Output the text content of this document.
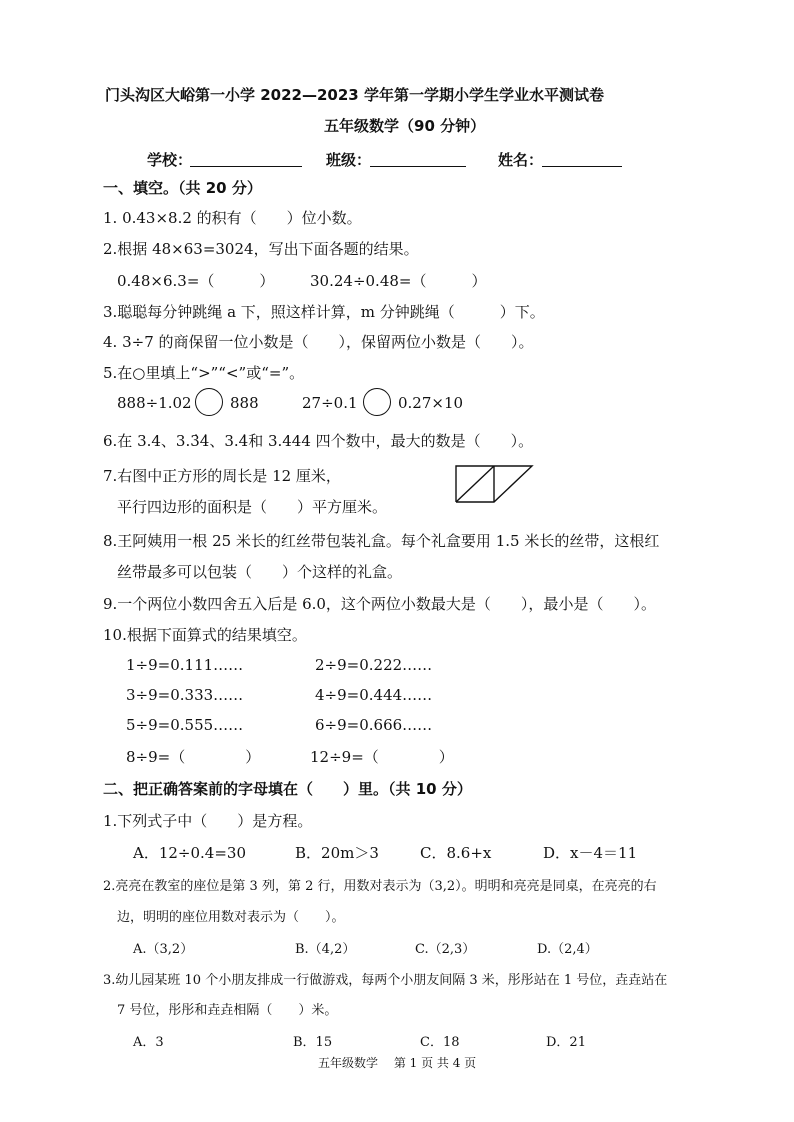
门头沟区大峪第一小学 2022—2023 学年第一学期小学生学业水平测试卷
五年级数学（90 分钟）
学校：	班级：	姓名：
一、填空。（共 20 分）
1. 0.43×8.2 的积有（　　）位小数。
2.根据 48×63=3024，写出下面各题的结果。
0.48×6.3=（　　　） 30.24÷0.48=（　　　）
3.聪聪每分钟跳绳 a 下，照这样计算，m 分钟跳绳（　　　）下。
4. 3÷7 的商保留一位小数是（　　），保留两位小数是（　　）。
5.在○里填上“>”“<”或“=”。
888÷1.02	888	27÷0.1	0.27×10
6.在 3.4、3.3̇4̇、3.4̇和 3.444 四个数中，最大的数是（　　）。
7.右图中正方形的周长是 12 厘米，
平行四边形的面积是（　　）平方厘米。
8.王阿姨用一根 25 米长的红丝带包装礼盒。每个礼盒要用 1.5 米长的丝带，这根红
丝带最多可以包装（　　）个这样的礼盒。
9.一个两位小数四舍五入后是 6.0，这个两位小数最大是（　　），最小是（　　）。
10.根据下面算式的结果填空。
1÷9=0.111……	2÷9=0.222……
3÷9=0.333……	4÷9=0.444……
5÷9=0.555……	6÷9=0.666……
8÷9=（　　　　）	12÷9=（　　　　）
二、把正确答案前的字母填在（　　）里。（共 10 分）
1.下列式子中（　　）是方程。
A．12÷0.4=30	B．20m＞3	C．8.6+x	D．x－4＝11
2.亮亮在教室的座位是第 3 列，第 2 行，用数对表示为（3,2）。明明和亮亮是同桌，在亮亮的右
边，明明的座位用数对表示为（　　）。
A.（3,2）	B.（4,2）	C.（2,3）	D.（2,4）
3.幼儿园某班 10 个小朋友排成一行做游戏，每两个小朋友间隔 3 米，彤彤站在 1 号位，垚垚站在
7 号位，彤彤和垚垚相隔（　　）米。
A．3	B．15	C．18	D．21
五年级数学　 第 1 页 共 4 页
